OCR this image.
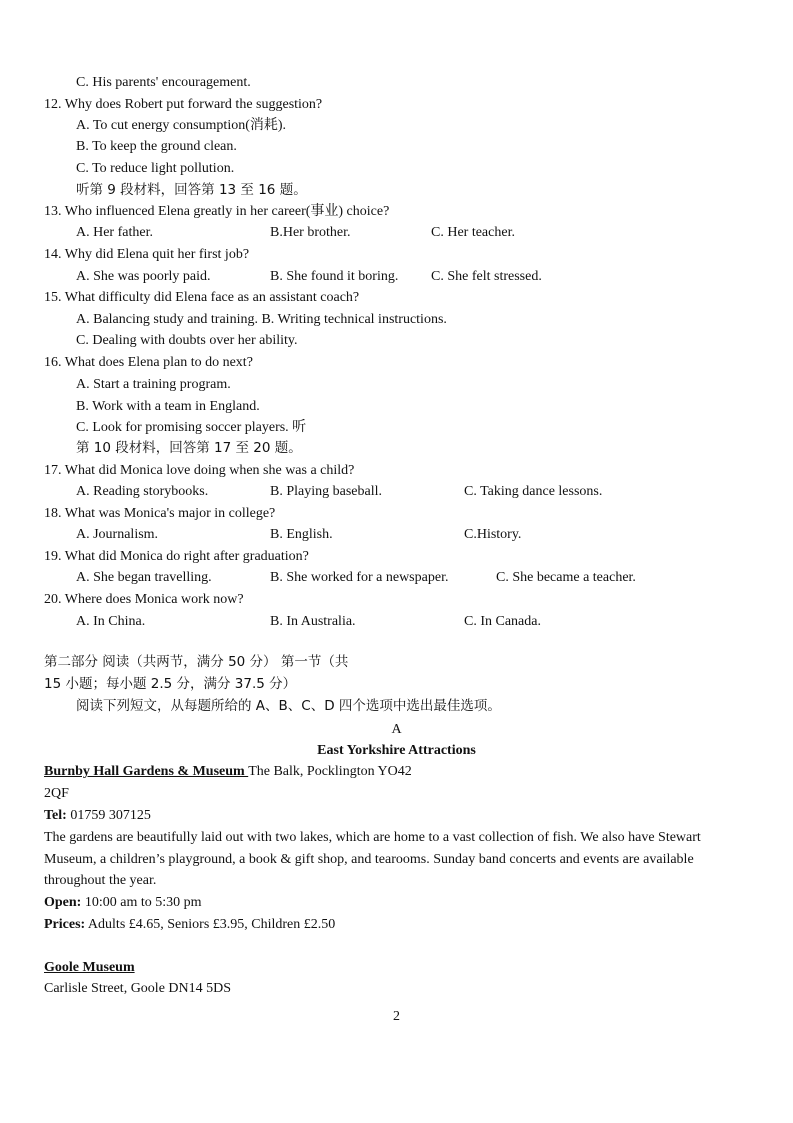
C. His parents' encouragement.
12. Why does Robert put forward the suggestion?
A. To cut energy consumption(消耗).
B. To keep the ground clean.
C. To reduce light pollution.
听第 9 段材料，回答第 13 至 16 题。
13. Who influenced Elena greatly in her career(事业) choice?
A. Her father.	B.Her brother.	C. Her teacher.
14. Why did Elena quit her first job?
A. She was poorly paid.	B. She found it boring. C. She felt stressed.
15. What difficulty did Elena face as an assistant coach?
A. Balancing study and training. B. Writing technical instructions.
C. Dealing with doubts over her ability.
16. What does Elena plan to do next?
A. Start a training program.
B. Work with a team in England.
C. Look for promising soccer players. 听
第 10 段材料，回答第 17 至 20 题。
17. What did Monica love doing when she was a child?
A. Reading storybooks.	B. Playing baseball.	C. Taking dance lessons.
18. What was Monica's major in college?
A. Journalism.	B. English.	C.History.
19. What did Monica do right after graduation?
A. She began travelling.	B. She worked for a newspaper.	C. She became a teacher.
20. Where does Monica work now?
A. In China.	B. In Australia.	C. In Canada.
第二部分 阅读（共两节，满分 50 分） 第一节（共
15 小题；每小题 2.5 分，满分 37.5 分）
阅读下列短文，从每题所给的 A、B、C、D 四个选项中选出最佳选项。
A
East Yorkshire Attractions
Burnby Hall Gardens & Museum The Balk, Pocklington YO42
2QF
Tel: 01759 307125
The gardens are beautifully laid out with two lakes, which are home to a vast collection of fish. We also have Stewart Museum, a children’s playground, a book & gift shop, and tearooms. Sunday band concerts and events are available throughout the year.
Open: 10:00 am to 5:30 pm
Prices: Adults £4.65, Seniors £3.95, Children £2.50
Goole Museum
Carlisle Street, Goole DN14 5DS
2
